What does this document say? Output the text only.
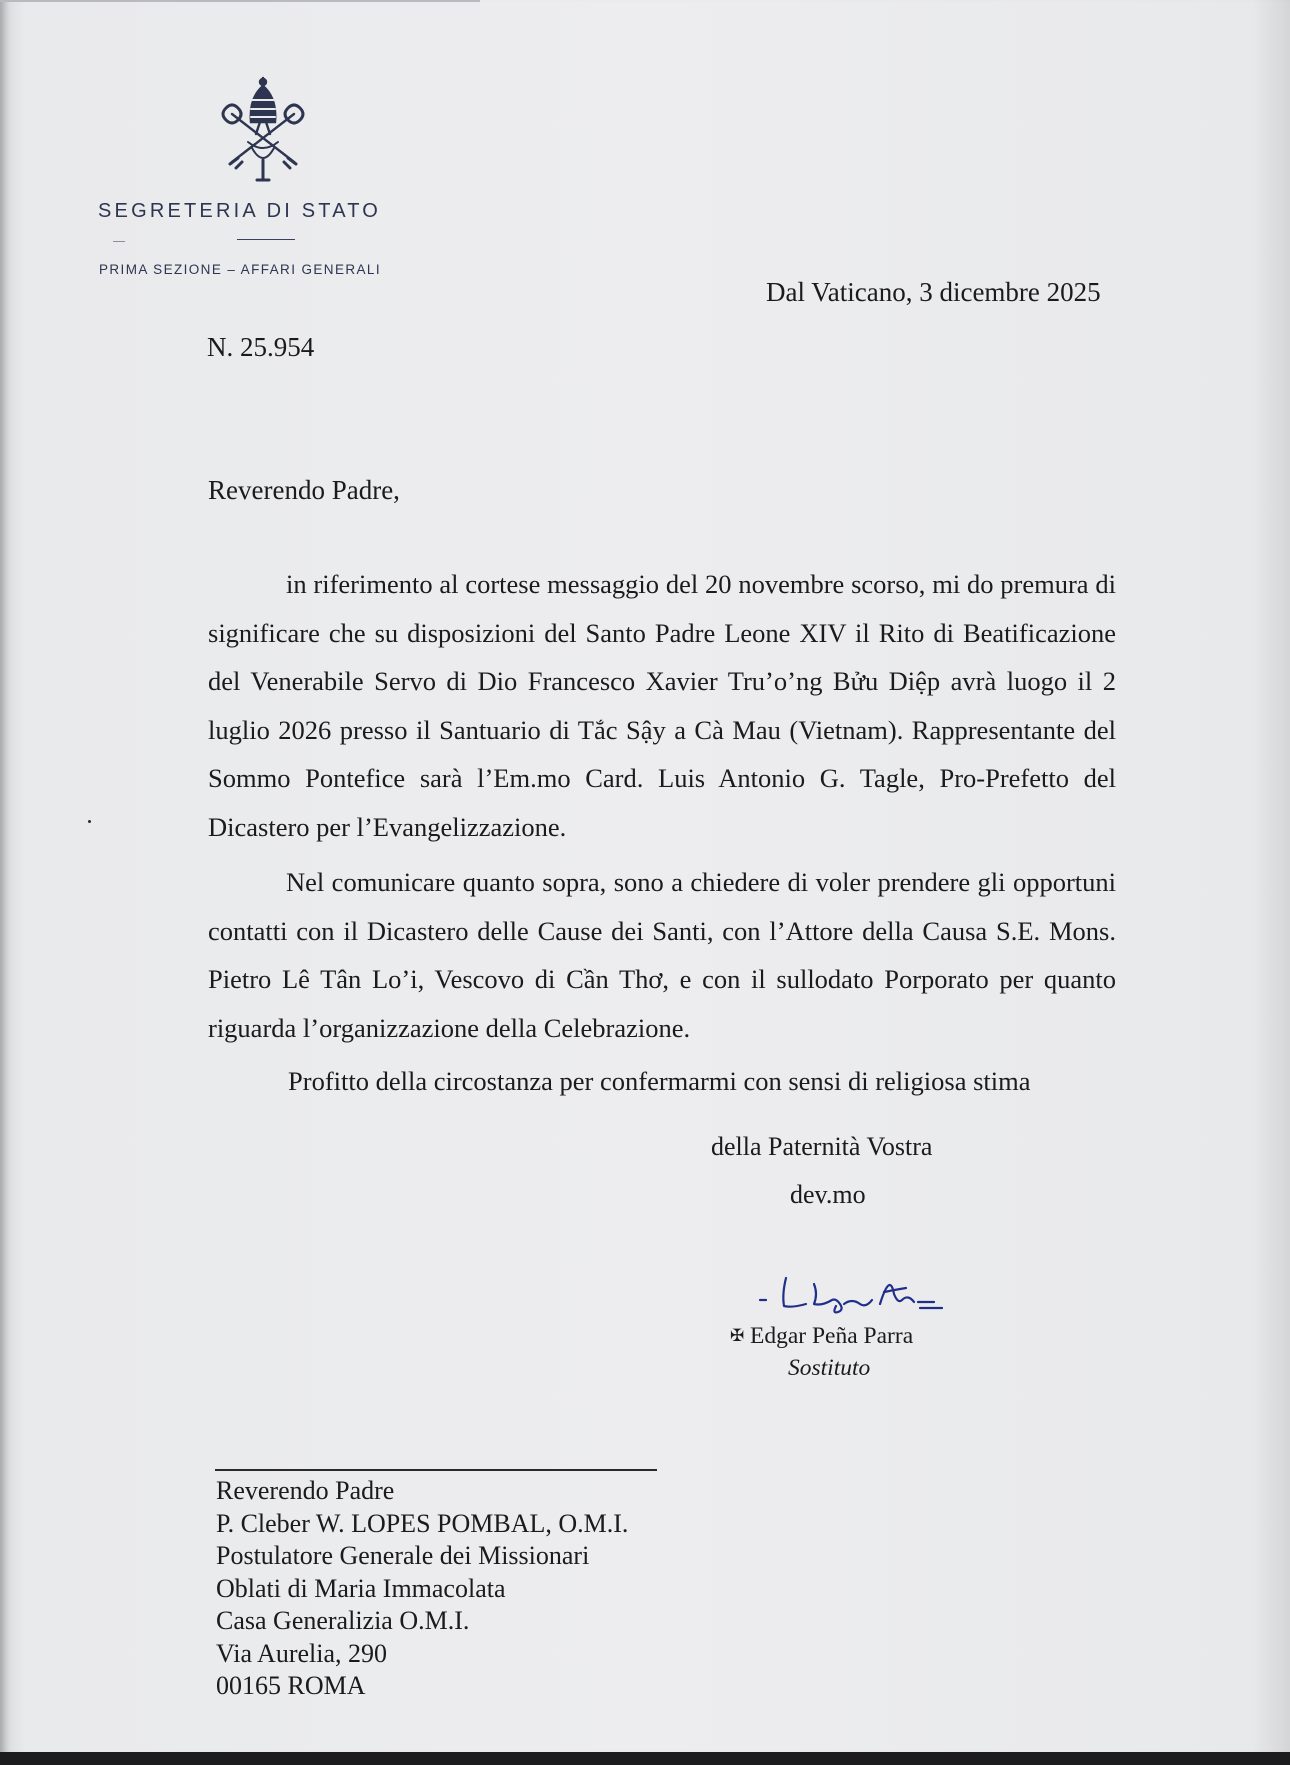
SEGRETERIA DI STATO
PRIMA SEZIONE – AFFARI GENERALI
Dal Vaticano, 3 dicembre 2025
N. 25.954
Reverendo Padre,

in riferimento al cortese messaggio del 20 novembre scorso, mi do premura di significare che su disposizioni del Santo Padre Leone XIV il Rito di Beatificazione del Venerabile Servo di Dio Francesco Xavier Tru’o’ng Bửu Diệp avrà luogo il 2 luglio 2026 presso il Santuario di Tắc Sậy a Cà Mau (Vietnam). Rappresentante del Sommo Pontefice sarà l’Em.mo Card. Luis Antonio G. Tagle, Pro-Prefetto del Dicastero per l’Evangelizzazione.

Nel comunicare quanto sopra, sono a chiedere di voler prendere gli opportuni contatti con il Dicastero delle Cause dei Santi, con l’Attore della Causa S.E. Mons. Pietro Lê Tân Lo’i, Vescovo di Cần Thơ, e con il sullodato Porporato per quanto riguarda l’organizzazione della Celebrazione.

Profitto della circostanza per confermarmi con sensi di religiosa stima
della Paternità Vostra
dev.mo
✠ Edgar Peña Parra
Sostituto
Reverendo Padre
P. Cleber W. LOPES POMBAL, O.M.I.
Postulatore Generale dei Missionari
Oblati di Maria Immacolata
Casa Generalizia O.M.I.
Via Aurelia, 290
00165 ROMA
